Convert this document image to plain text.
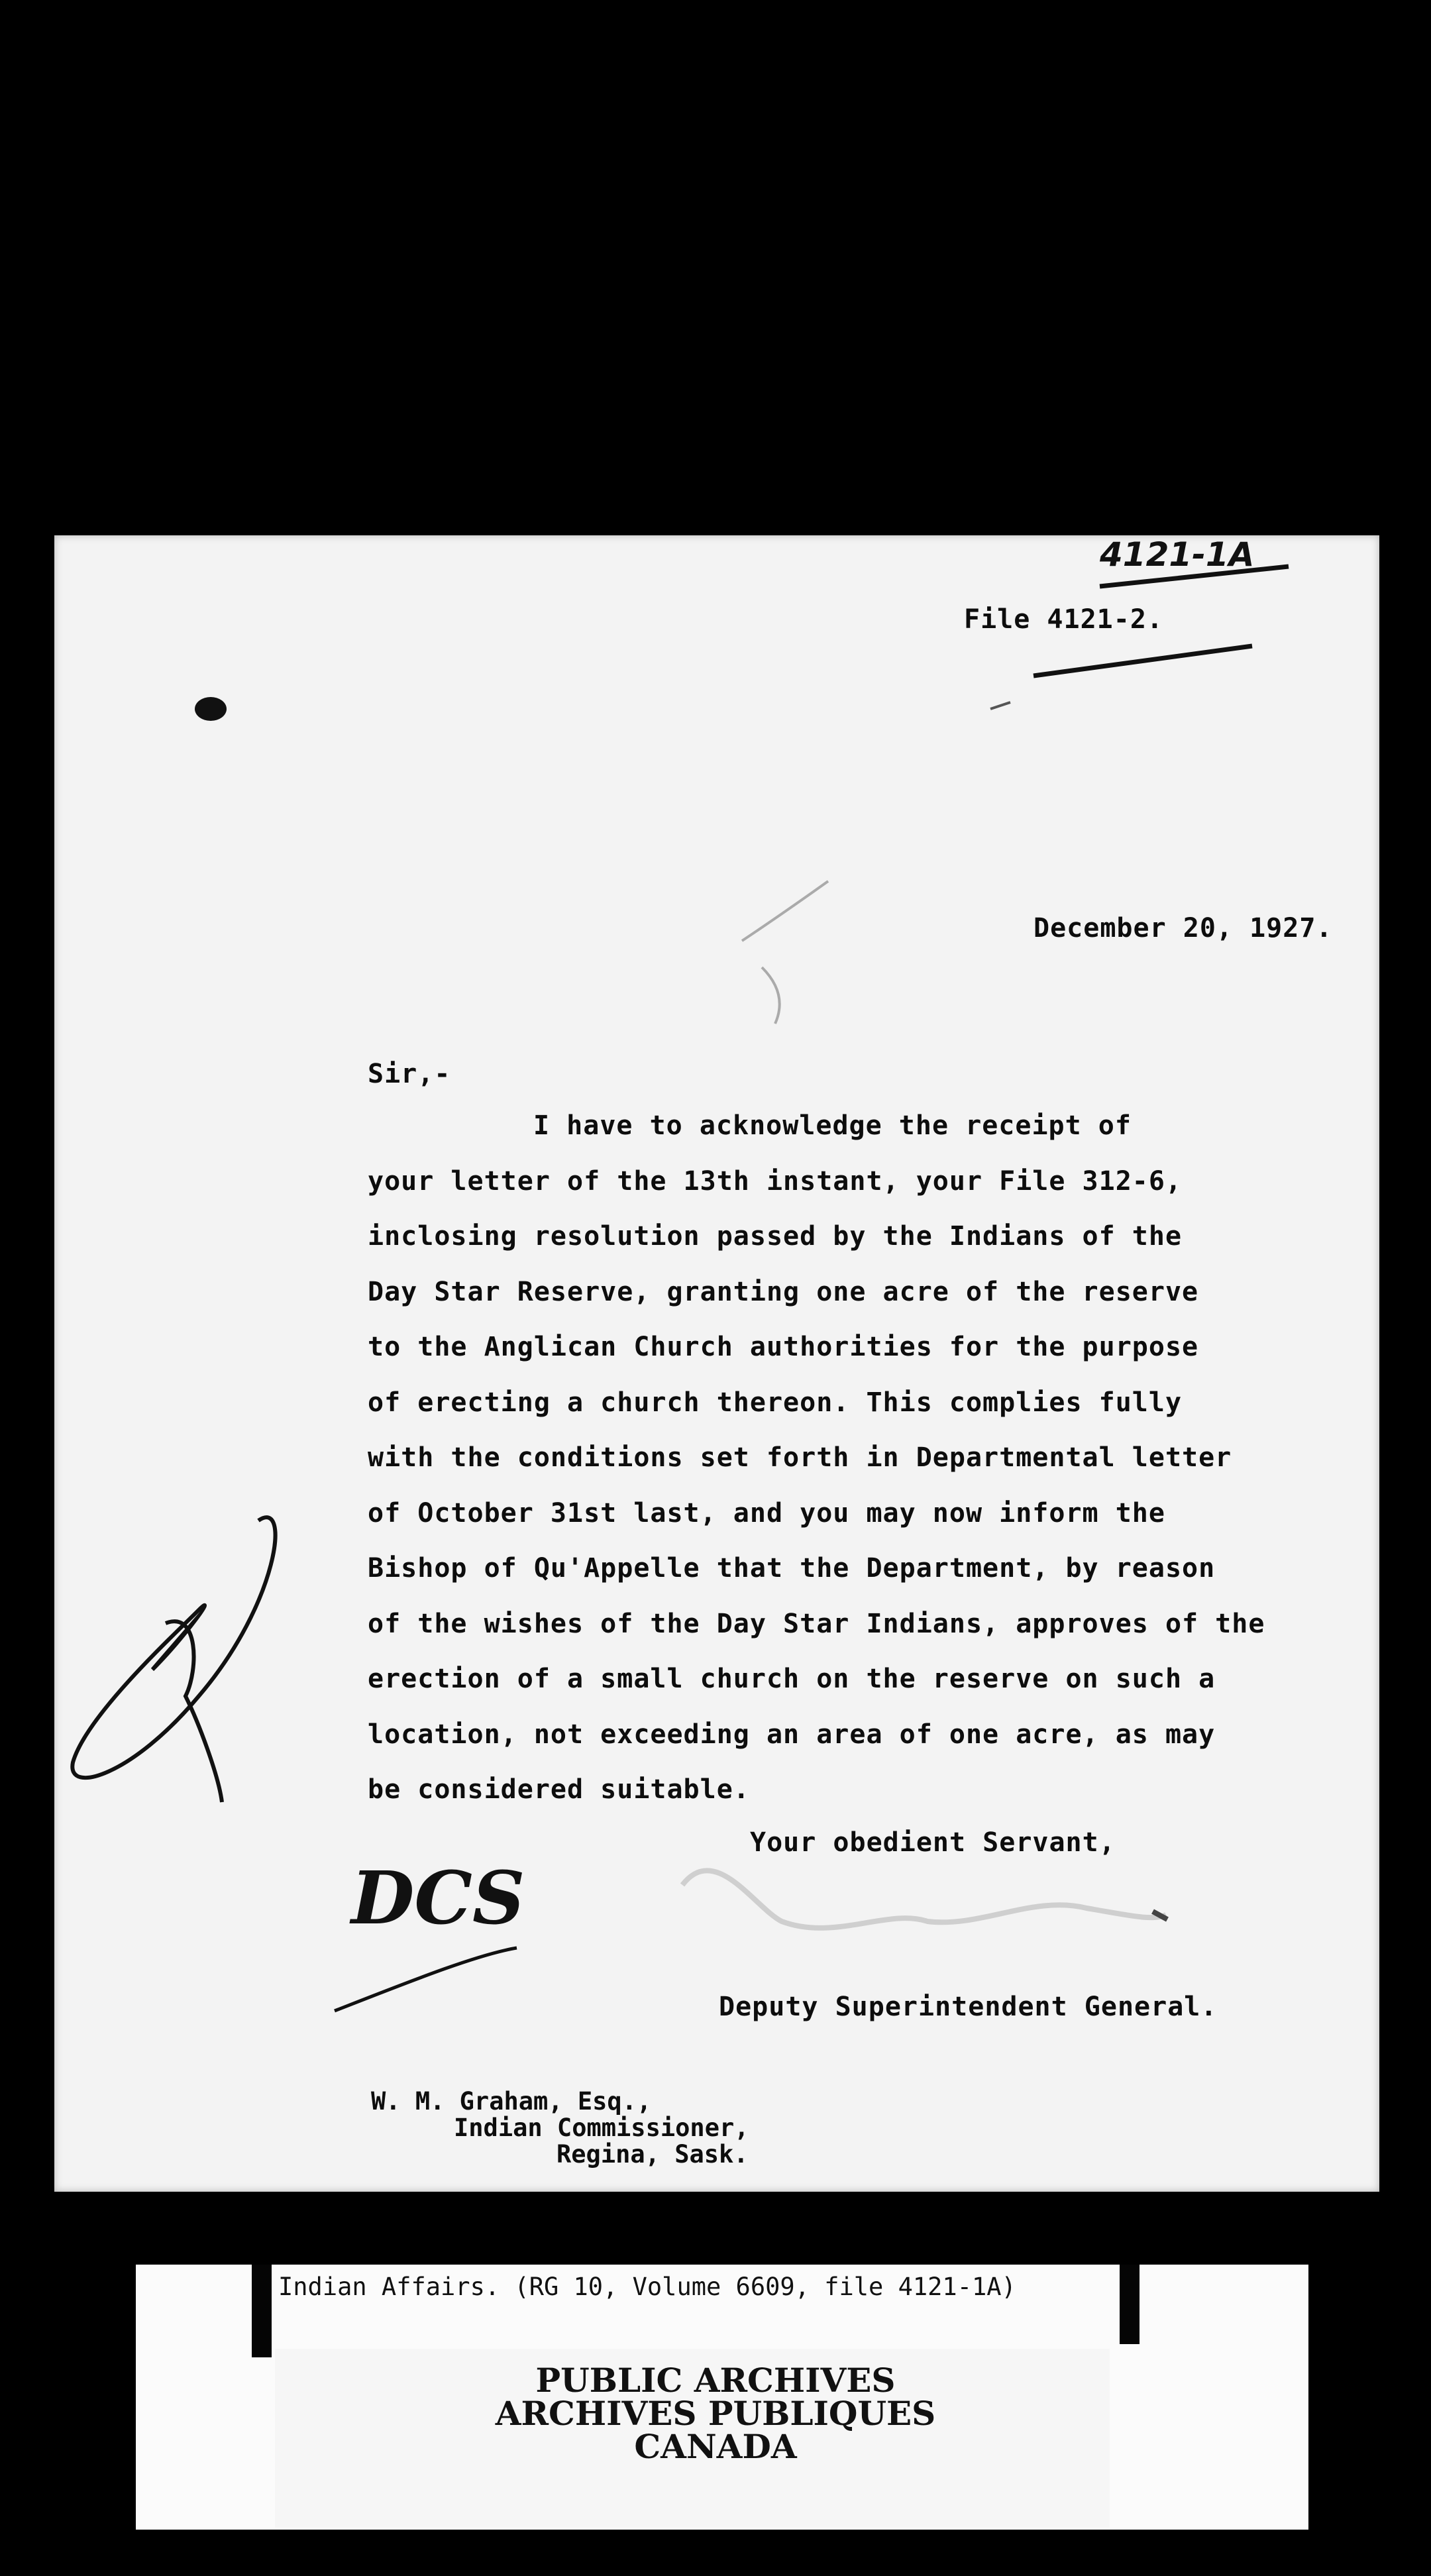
4121-1A
File 4121-2.
December 20, 1927.
Sir,-
I have to acknowledge the receipt of
your letter of the 13th instant, your File 312-6,
inclosing resolution passed by the Indians of the
Day Star Reserve, granting one acre of the reserve
to the Anglican Church authorities for the purpose
of erecting a church thereon. This complies fully
with the conditions set forth in Departmental letter
of October 31st last, and you may now inform the
Bishop of Qu'Appelle that the Department, by reason
of the wishes of the Day Star Indians, approves of the
erection of a small church on the reserve on such a
location, not exceeding an area of one acre, as may
be considered suitable.
Your obedient Servant,
DCS
Deputy Superintendent General.
W. M. Graham, Esq.,
Indian Commissioner,
Regina, Sask.
Indian Affairs. (RG 10, Volume 6609, file 4121-1A)
PUBLIC ARCHIVES
ARCHIVES PUBLIQUES
CANADA
